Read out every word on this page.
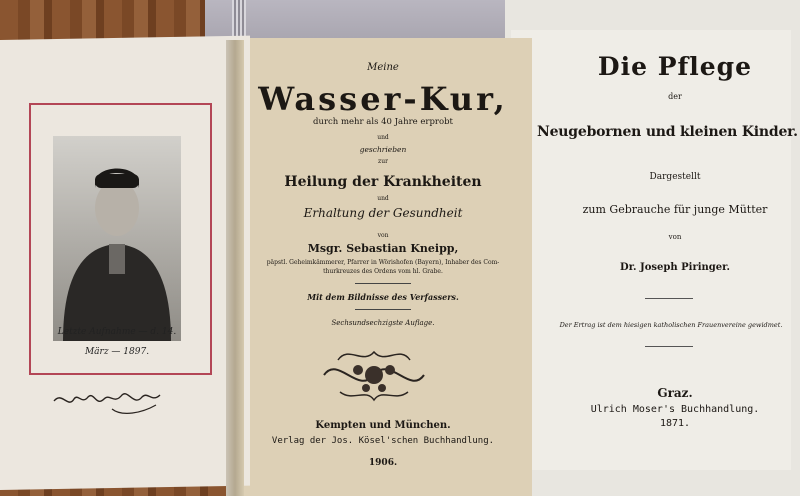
Die Pflege
der
Neugebornen und kleinen Kinder.
Dargestellt
zum Gebrauche für junge Mütter
von
Dr. Joseph Piringer.
Der Ertrag ist dem hiesigen katholischen Frauenvereine gewidmet.
Graz.
Ulrich Moser's Buchhandlung.
1871.
Meine
Wasser-Kur,
durch mehr als 40 Jahre erprobt
und
geschrieben
zur
Heilung der Krankheiten
und
Erhaltung der Gesundheit
von
Msgr. Sebastian Kneipp,
päpstl. Geheimkämmerer, Pfarrer in Wörishofen (Bayern), Inhaber des Com-
thurkreuzes des Ordens vom hl. Grabe.
Mit dem Bildnisse des Verfassers.
Sechsundsechzigste Auflage.
Kempten und München.
Verlag der Jos. Kösel'schen Buchhandlung.
1906.
Letzte Aufnahme — d. 14. März — 1897.
